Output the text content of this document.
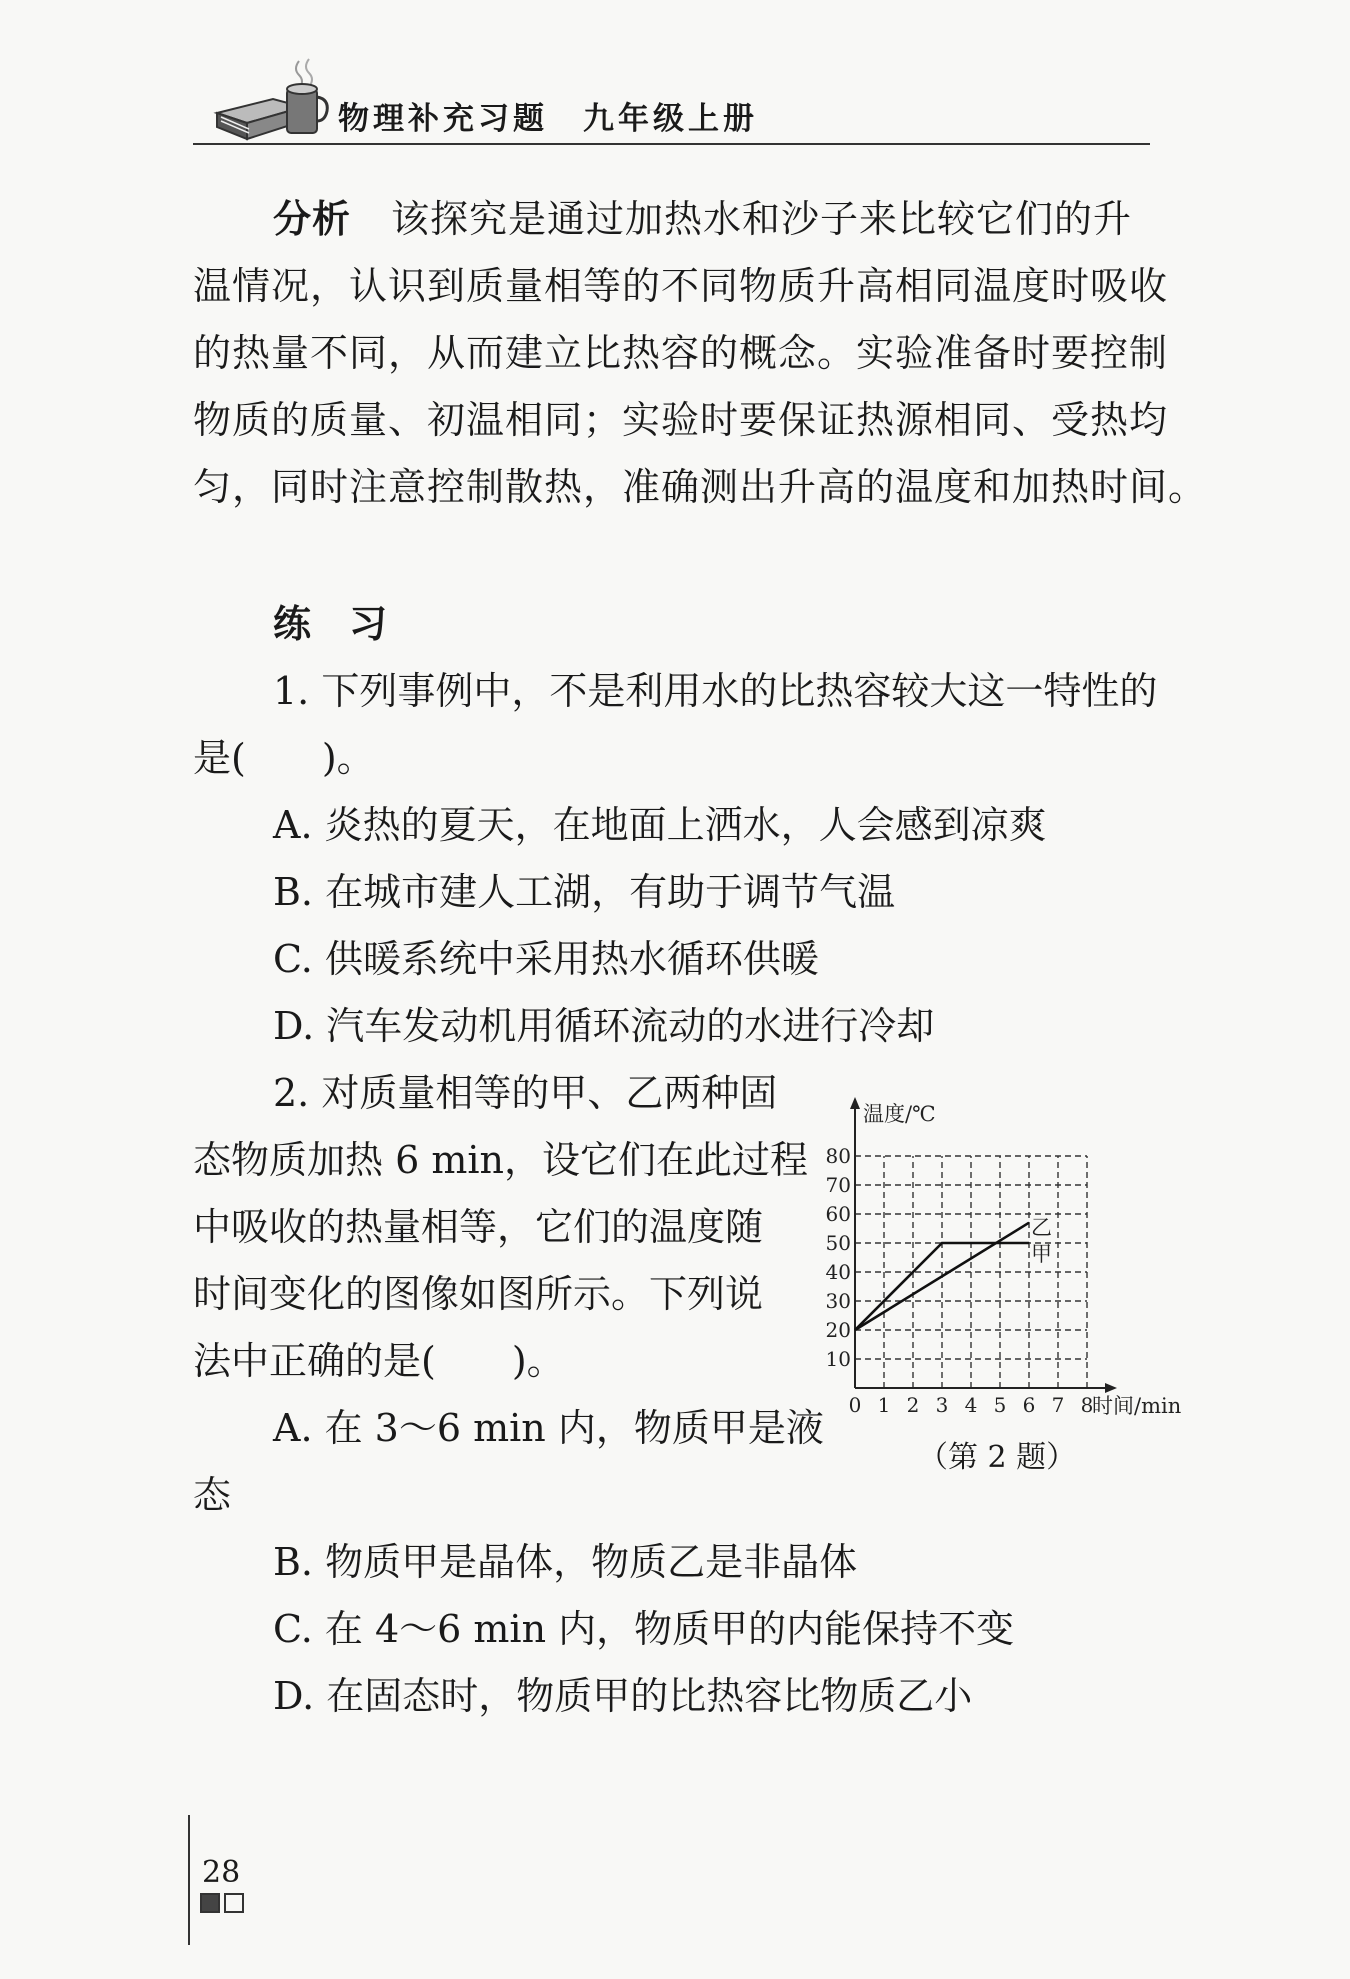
物理补充习题　九年级上册
分析 该探究是通过加热水和沙子来比较它们的升
温情况，认识到质量相等的不同物质升高相同温度时吸收
的热量不同，从而建立比热容的概念。实验准备时要控制
物质的质量、初温相同；实验时要保证热源相同、受热均
匀，同时注意控制散热，准确测出升高的温度和加热时间。
练　习
1. 下列事例中，不是利用水的比热容较大这一特性的
是(　　)。
A. 炎热的夏天，在地面上洒水，人会感到凉爽
B. 在城市建人工湖，有助于调节气温
C. 供暖系统中采用热水循环供暖
D. 汽车发动机用循环流动的水进行冷却
2. 对质量相等的甲、乙两种固
态物质加热 6 min，设它们在此过程
中吸收的热量相等，它们的温度随
时间变化的图像如图所示。下列说
法中正确的是(　　)。
A. 在 3～6 min 内，物质甲是液
态
B. 物质甲是晶体，物质乙是非晶体
C. 在 4～6 min 内，物质甲的内能保持不变
D. 在固态时，物质甲的比热容比物质乙小
0 1 2 3 4 5 6 7 8
10
20
30
40
50
60
70
80
甲
乙
温度/℃
时间/min
（第 2 题）
28
